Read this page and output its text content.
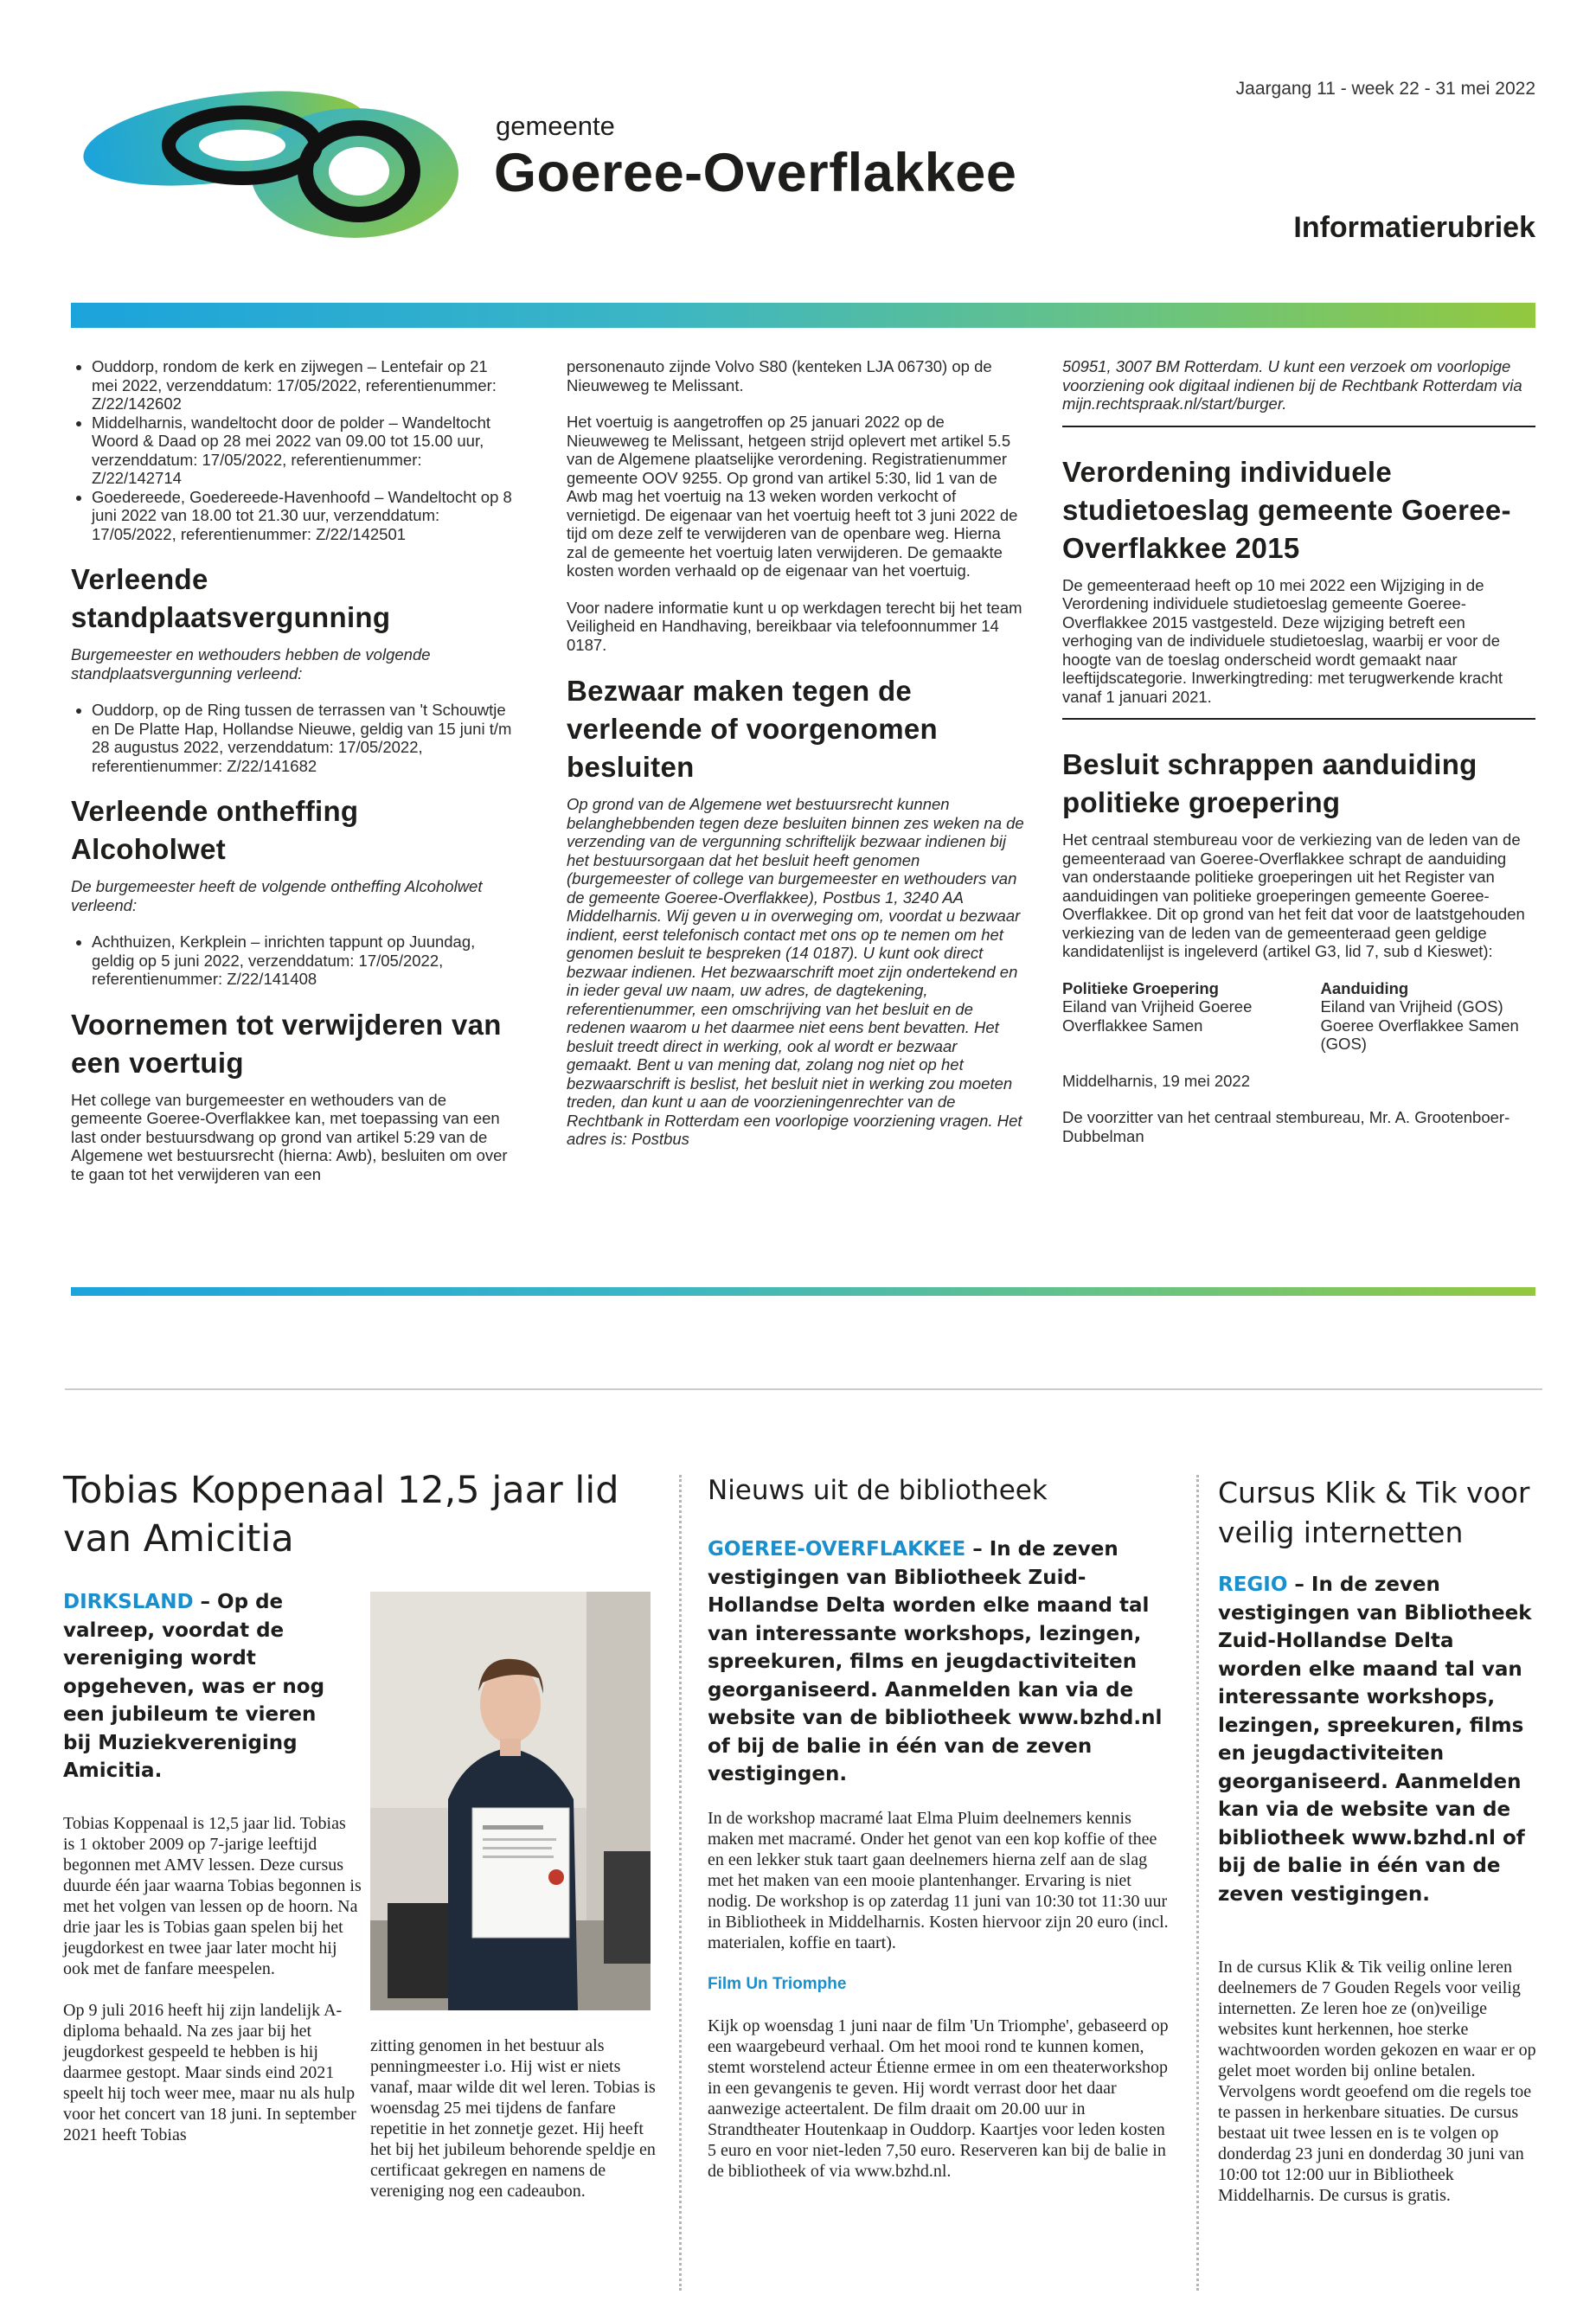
gemeente
Goeree-Overflakkee
Jaargang 11 - week 22 - 31 mei 2022
Informatierubriek
• Ouddorp, rondom de kerk en zijwegen – Lentefair op 21 mei 2022, verzenddatum: 17/05/2022, referentienummer: Z/22/142602
• Middelharnis, wandeltocht door de polder – Wandeltocht Woord & Daad op 28 mei 2022 van 09.00 tot 15.00 uur, verzenddatum: 17/05/2022, referentienummer: Z/22/142714
• Goedereede, Goedereede-Havenhoofd – Wandeltocht op 8 juni 2022 van 18.00 tot 21.30 uur, verzenddatum: 17/05/2022, referentienummer: Z/22/142501
Verleende standplaatsvergunning

Burgemeester en wethouders hebben de volgende standplaatsvergunning verleend:

• Ouddorp, op de Ring tussen de terrassen van 't Schouwtje en De Platte Hap, Hollandse Nieuwe, geldig van 15 juni t/m 28 augustus 2022, verzenddatum: 17/05/2022, referentienummer: Z/22/141682
Verleende ontheffing Alcoholwet

De burgemeester heeft de volgende ontheffing Alcoholwet verleend:

• Achthuizen, Kerkplein – inrichten tappunt op Juundag, geldig op 5 juni 2022, verzenddatum: 17/05/2022, referentienummer: Z/22/141408
Voornemen tot verwijderen van een voertuig

Het college van burgemeester en wethouders van de gemeente Goeree-Overflakkee kan, met toepassing van een last onder bestuursdwang op grond van artikel 5:29 van de Algemene wet bestuursrecht (hierna: Awb), besluiten om over te gaan tot het verwijderen van een

personenauto zijnde Volvo S80 (kenteken LJA 06730) op de Nieuweweg te Melissant.

Het voertuig is aangetroffen op 25 januari 2022 op de Nieuweweg te Melissant, hetgeen strijd oplevert met artikel 5.5 van de Algemene plaatselijke verordening. Registratienummer gemeente OOV 9255. Op grond van artikel 5:30, lid 1 van de Awb mag het voertuig na 13 weken worden verkocht of vernietigd. De eigenaar van het voertuig heeft tot 3 juni 2022 de tijd om deze zelf te verwijderen van de openbare weg. Hierna zal de gemeente het voertuig laten verwijderen. De gemaakte kosten worden verhaald op de eigenaar van het voertuig.

Voor nadere informatie kunt u op werkdagen terecht bij het team Veiligheid en Handhaving, bereikbaar via telefoonnummer 14 0187.

Bezwaar maken tegen de verleende of voorgenomen besluiten

Op grond van de Algemene wet bestuursrecht kunnen belanghebbenden tegen deze besluiten binnen zes weken na de verzending van de vergunning schriftelijk bezwaar indienen bij het bestuursorgaan dat het besluit heeft genomen (burgemeester of college van burgemeester en wethouders van de gemeente Goeree-Overflakkee), Postbus 1, 3240 AA Middelharnis. Wij geven u in overweging om, voordat u bezwaar indient, eerst telefonisch contact met ons op te nemen om het genomen besluit te bespreken (14 0187). U kunt ook direct bezwaar indienen. Het bezwaarschrift moet zijn ondertekend en in ieder geval uw naam, uw adres, de dagtekening, referentienummer, een omschrijving van het besluit en de redenen waarom u het daarmee niet eens bent bevatten. Het besluit treedt direct in werking, ook al wordt er bezwaar gemaakt. Bent u van mening dat, zolang nog niet op het bezwaarschrift is beslist, het besluit niet in werking zou moeten treden, dan kunt u aan de voorzieningenrechter van de Rechtbank in Rotterdam een voorlopige voorziening vragen. Het adres is: Postbus

50951, 3007 BM Rotterdam. U kunt een verzoek om voorlopige voorziening ook digitaal indienen bij de Rechtbank Rotterdam via mijn.rechtspraak.nl/start/burger.

Verordening individuele studietoeslag gemeente Goeree-Overflakkee 2015

De gemeenteraad heeft op 10 mei 2022 een Wijziging in de Verordening individuele studietoeslag gemeente Goeree-Overflakkee 2015 vastgesteld. Deze wijziging betreft een verhoging van de individuele studietoeslag, waarbij er voor de hoogte van de toeslag onderscheid wordt gemaakt naar leeftijdscategorie. Inwerkingtreding: met terugwerkende kracht vanaf 1 januari 2021.

Besluit schrappen aanduiding politieke groepering

Het centraal stembureau voor de verkiezing van de leden van de gemeenteraad van Goeree-Overflakkee schrapt de aanduiding van onderstaande politieke groeperingen uit het Register van aanduidingen van politieke groeperingen gemeente Goeree-Overflakkee. Dit op grond van het feit dat voor de laatstgehouden verkiezing van de leden van de gemeenteraad geen geldige kandidatenlijst is ingeleverd (artikel G3, lid 7, sub d Kieswet):

Politieke Groepering
Eiland van Vrijheid Goeree Overflakkee Samen
Aanduiding
Eiland van Vrijheid (GOS) Goeree Overflakkee Samen (GOS)

Middelharnis, 19 mei 2022

De voorzitter van het centraal stembureau, Mr. A. Grootenboer-Dubbelman

Tobias Koppenaal 12,5 jaar lid van Amicitia
DIRKSLAND – Op de valreep, voordat de vereniging wordt opgeheven, was er nog een jubileum te vieren bij Muziekvereniging Amicitia.

Tobias Koppenaal is 12,5 jaar lid. Tobias is 1 oktober 2009 op 7-jarige leeftijd begonnen met AMV lessen. Deze cursus duurde één jaar waarna Tobias begonnen is met het volgen van lessen op de hoorn. Na drie jaar les is Tobias gaan spelen bij het jeugdorkest en twee jaar later mocht hij ook met de fanfare meespelen.

Op 9 juli 2016 heeft hij zijn landelijk A-diploma behaald. Na zes jaar bij het jeugdorkest gespeeld te hebben is hij daarmee gestopt. Maar sinds eind 2021 speelt hij toch weer mee, maar nu als hulp voor het concert van 18 juni. In september 2021 heeft Tobias

zitting genomen in het bestuur als penningmeester i.o. Hij wist er niets vanaf, maar wilde dit wel leren. Tobias is woensdag 25 mei tijdens de fanfare repetitie in het zonnetje gezet. Hij heeft het bij het jubileum behorende speldje en certificaat gekregen en namens de vereniging nog een cadeaubon.

Nieuws uit de bibliotheek
GOEREE-OVERFLAKKEE – In de zeven vestigingen van Bibliotheek Zuid-Hollandse Delta worden elke maand tal van interessante workshops, lezingen, spreekuren, films en jeugdactiviteiten georganiseerd. Aanmelden kan via de website van de bibliotheek www.bzhd.nl of bij de balie in één van de zeven vestigingen.

In de workshop macramé laat Elma Pluim deelnemers kennis maken met macramé. Onder het genot van een kop koffie of thee en een lekker stuk taart gaan deelnemers hierna zelf aan de slag met het maken van een mooie plantenhanger. Ervaring is niet nodig. De workshop is op zaterdag 11 juni van 10:30 tot 11:30 uur in Bibliotheek in Middelharnis. Kosten hiervoor zijn 20 euro (incl. materialen, koffie en taart).

Film Un Triomphe

Kijk op woensdag 1 juni naar de film 'Un Triomphe', gebaseerd op een waargebeurd verhaal. Om het mooi rond te kunnen komen, stemt worstelend acteur Étienne ermee in om een theaterworkshop in een gevangenis te geven. Hij wordt verrast door het daar aanwezige acteertalent. De film draait om 20.00 uur in Strandtheater Houtenkaap in Ouddorp. Kaartjes voor leden kosten 5 euro en voor niet-leden 7,50 euro. Reserveren kan bij de balie in de bibliotheek of via www.bzhd.nl.

Cursus Klik & Tik voor veilig internetten
REGIO – In de zeven vestigingen van Bibliotheek Zuid-Hollandse Delta worden elke maand tal van interessante workshops, lezingen, spreekuren, films en jeugdactiviteiten georganiseerd. Aanmelden kan via de website van de bibliotheek www.bzhd.nl of bij de balie in één van de zeven vestigingen.

In de cursus Klik & Tik veilig online leren deelnemers de 7 Gouden Regels voor veilig internetten. Ze leren hoe ze (on)veilige websites kunt herkennen, hoe sterke wachtwoorden worden gekozen en waar er op gelet moet worden bij online betalen. Vervolgens wordt geoefend om die regels toe te passen in herkenbare situaties. De cursus bestaat uit twee lessen en is te volgen op donderdag 23 juni en donderdag 30 juni van 10:00 tot 12:00 uur in Bibliotheek Middelharnis. De cursus is gratis.
